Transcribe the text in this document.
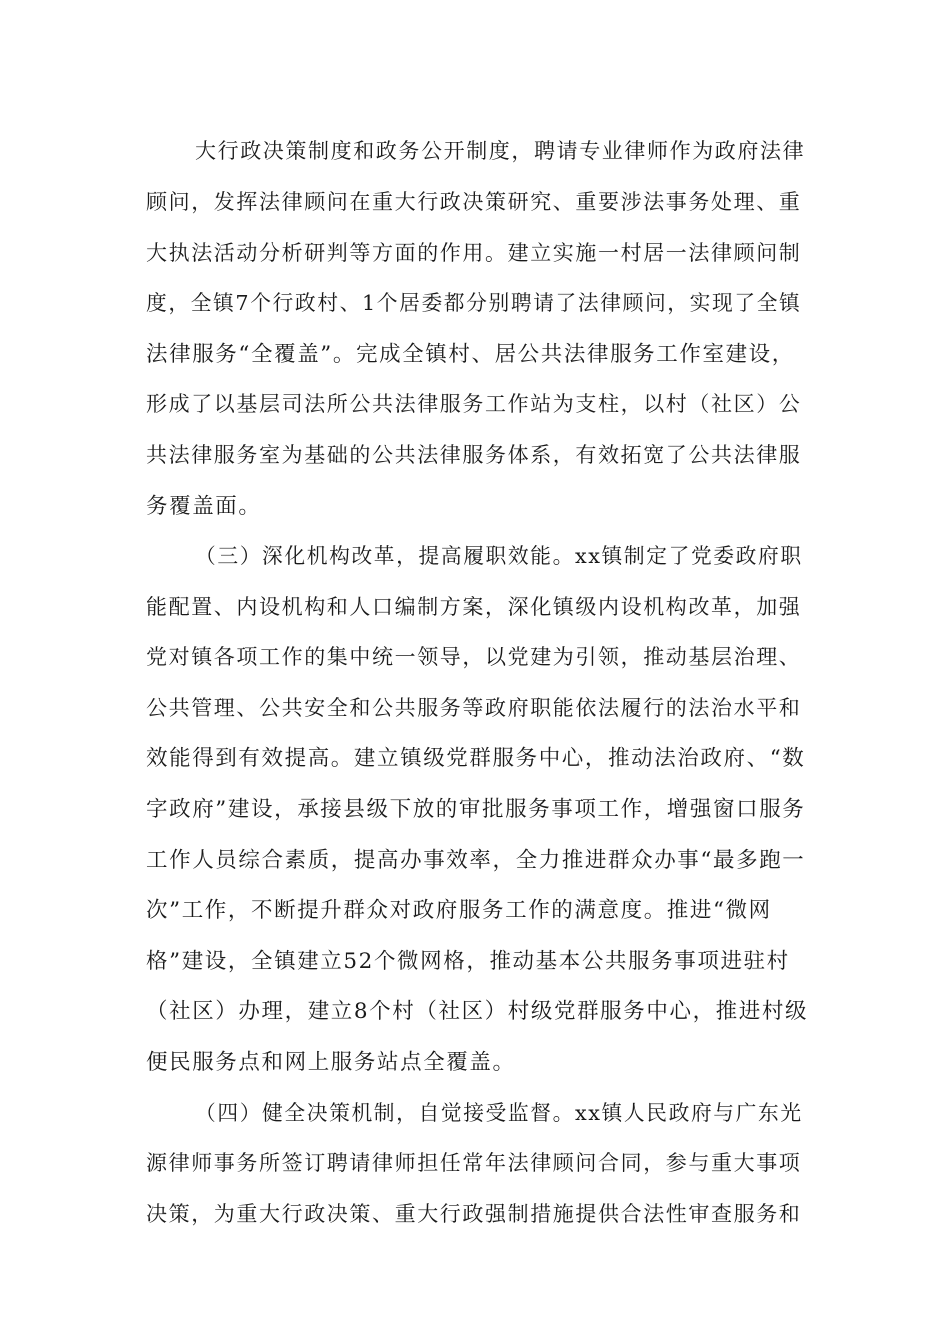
大行政决策制度和政务公开制度，聘请专业律师作为政府法律
顾问，发挥法律顾问在重大行政决策研究、重要涉法事务处理、重
大执法活动分析研判等方面的作用。建立实施一村居一法律顾问制
度，全镇7个行政村、1个居委都分别聘请了法律顾问，实现了全镇
法律服务“全覆盖”。完成全镇村、居公共法律服务工作室建设，
形成了以基层司法所公共法律服务工作站为支柱，以村（社区）公
共法律服务室为基础的公共法律服务体系，有效拓宽了公共法律服
务覆盖面。
（三）深化机构改革，提高履职效能。xx镇制定了党委政府职
能配置、内设机构和人口编制方案，深化镇级内设机构改革，加强
党对镇各项工作的集中统一领导，以党建为引领，推动基层治理、
公共管理、公共安全和公共服务等政府职能依法履行的法治水平和
效能得到有效提高。建立镇级党群服务中心，推动法治政府、“数
字政府”建设，承接县级下放的审批服务事项工作，增强窗口服务
工作人员综合素质，提高办事效率，全力推进群众办事“最多跑一
次”工作，不断提升群众对政府服务工作的满意度。推进“微网
格”建设，全镇建立52个微网格，推动基本公共服务事项进驻村
（社区）办理，建立8个村（社区）村级党群服务中心，推进村级
便民服务点和网上服务站点全覆盖。
（四）健全决策机制，自觉接受监督。xx镇人民政府与广东光
源律师事务所签订聘请律师担任常年法律顾问合同，参与重大事项
决策，为重大行政决策、重大行政强制措施提供合法性审查服务和
